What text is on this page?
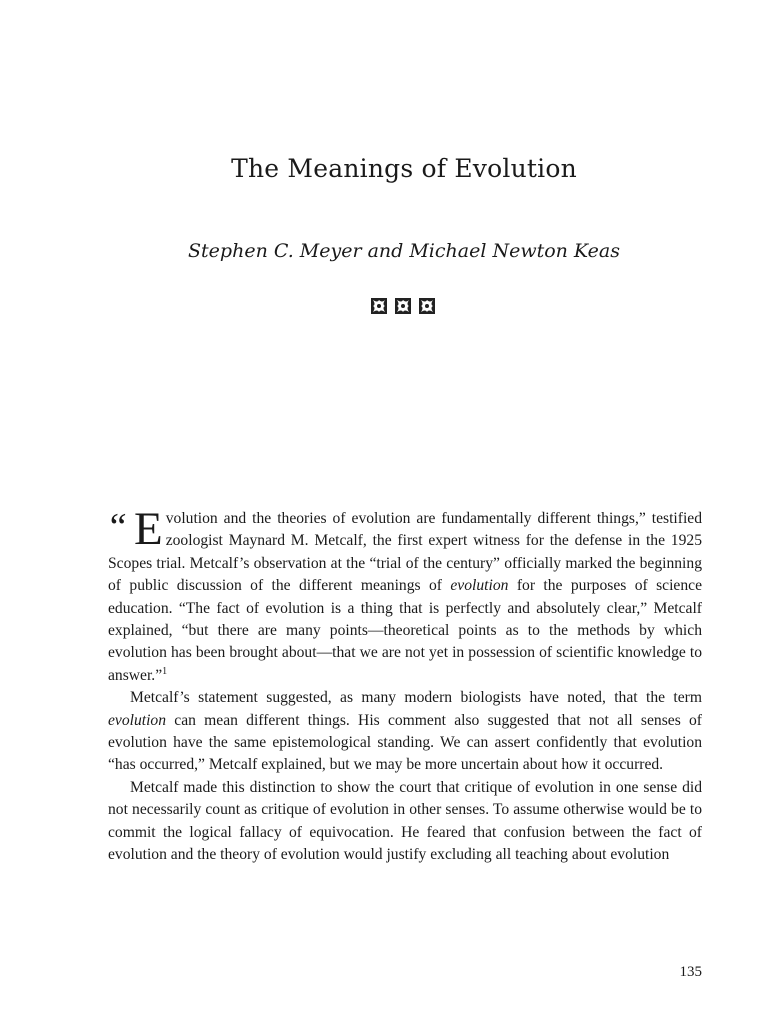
The Meanings of Evolution
Stephen C. Meyer and Michael Newton Keas

“ E volution and the theories of evolution are fundamentally different things,” testified zoologist Maynard M. Metcalf, the first expert witness for the defense in the 1925 Scopes trial. Metcalf’s observation at the “trial of the century” officially marked the beginning of public discussion of the different meanings of evolution for the purposes of science education. “The fact of evolution is a thing that is perfectly and absolutely clear,” Metcalf explained, “but there are many points—theoretical points as to the methods by which evolution has been brought about—that we are not yet in possession of scientific knowledge to answer.”$^1$

Metcalf’s statement suggested, as many modern biologists have noted, that the term evolution can mean different things. His comment also suggested that not all senses of evolution have the same epistemological standing. We can assert confidently that evolution “has occurred,” Metcalf explained, but we may be more uncertain about how it occurred.

Metcalf made this distinction to show the court that critique of evolution in one sense did not necessarily count as critique of evolution in other senses. To assume otherwise would be to commit the logical fallacy of equivocation. He feared that confusion between the fact of evolution and the theory of evolution would justify excluding all teaching about evolution

135
